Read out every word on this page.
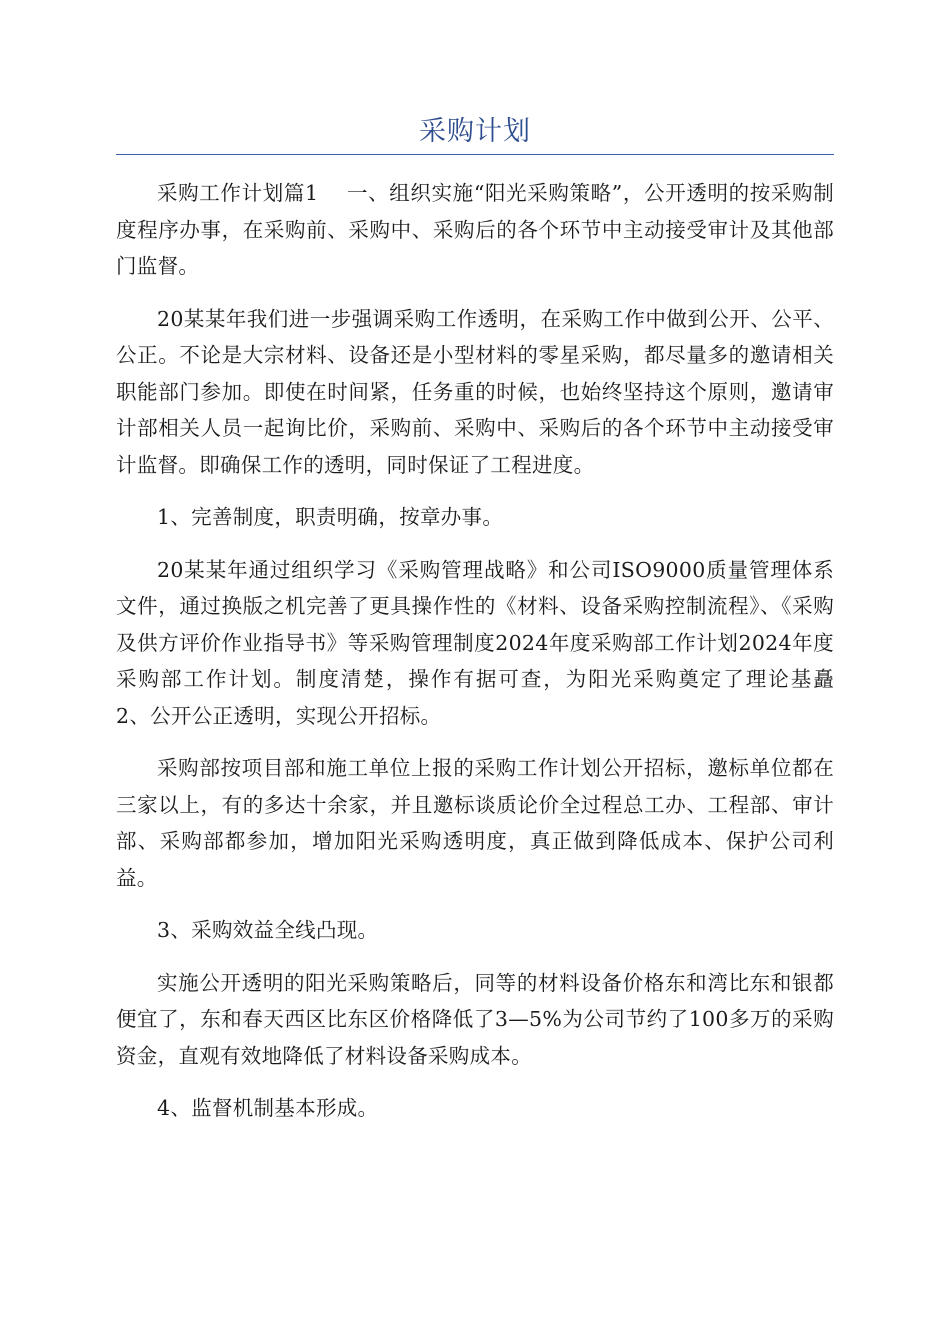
采购计划

采购工作计划篇1　 一、组织实施“阳光采购策略”，公开透明的按采购制度程序办事，在采购前、采购中、采购后的各个环节中主动接受审计及其他部门监督。

20某某年我们进一步强调采购工作透明，在采购工作中做到公开、公平、公正。不论是大宗材料、设备还是小型材料的零星采购，都尽量多的邀请相关职能部门参加。即使在时间紧，任务重的时候，也始终坚持这个原则，邀请审计部相关人员一起询比价，采购前、采购中、采购后的各个环节中主动接受审计监督。即确保工作的透明，同时保证了工程进度。

1、完善制度，职责明确，按章办事。

20某某年通过组织学习《采购管理战略》和公司ISO9000质量管理体系文件，通过换版之机完善了更具操作性的《材料、设备采购控制流程》、《采购及供方评价作业指导书》等采购管理制度2024年度采购部工作计划2024年度采购部工作计划。制度清楚，操作有据可查，为阳光采购奠定了理论基矗　2、公开公正透明，实现公开招标。

采购部按项目部和施工单位上报的采购工作计划公开招标，邀标单位都在三家以上，有的多达十余家，并且邀标谈质论价全过程总工办、工程部、审计部、采购部都参加，增加阳光采购透明度，真正做到降低成本、保护公司利益。

3、采购效益全线凸现。

实施公开透明的阳光采购策略后，同等的材料设备价格东和湾比东和银都便宜了，东和春天西区比东区价格降低了3—5%为公司节约了100多万的采购资金，直观有效地降低了材料设备采购成本。

4、监督机制基本形成。
